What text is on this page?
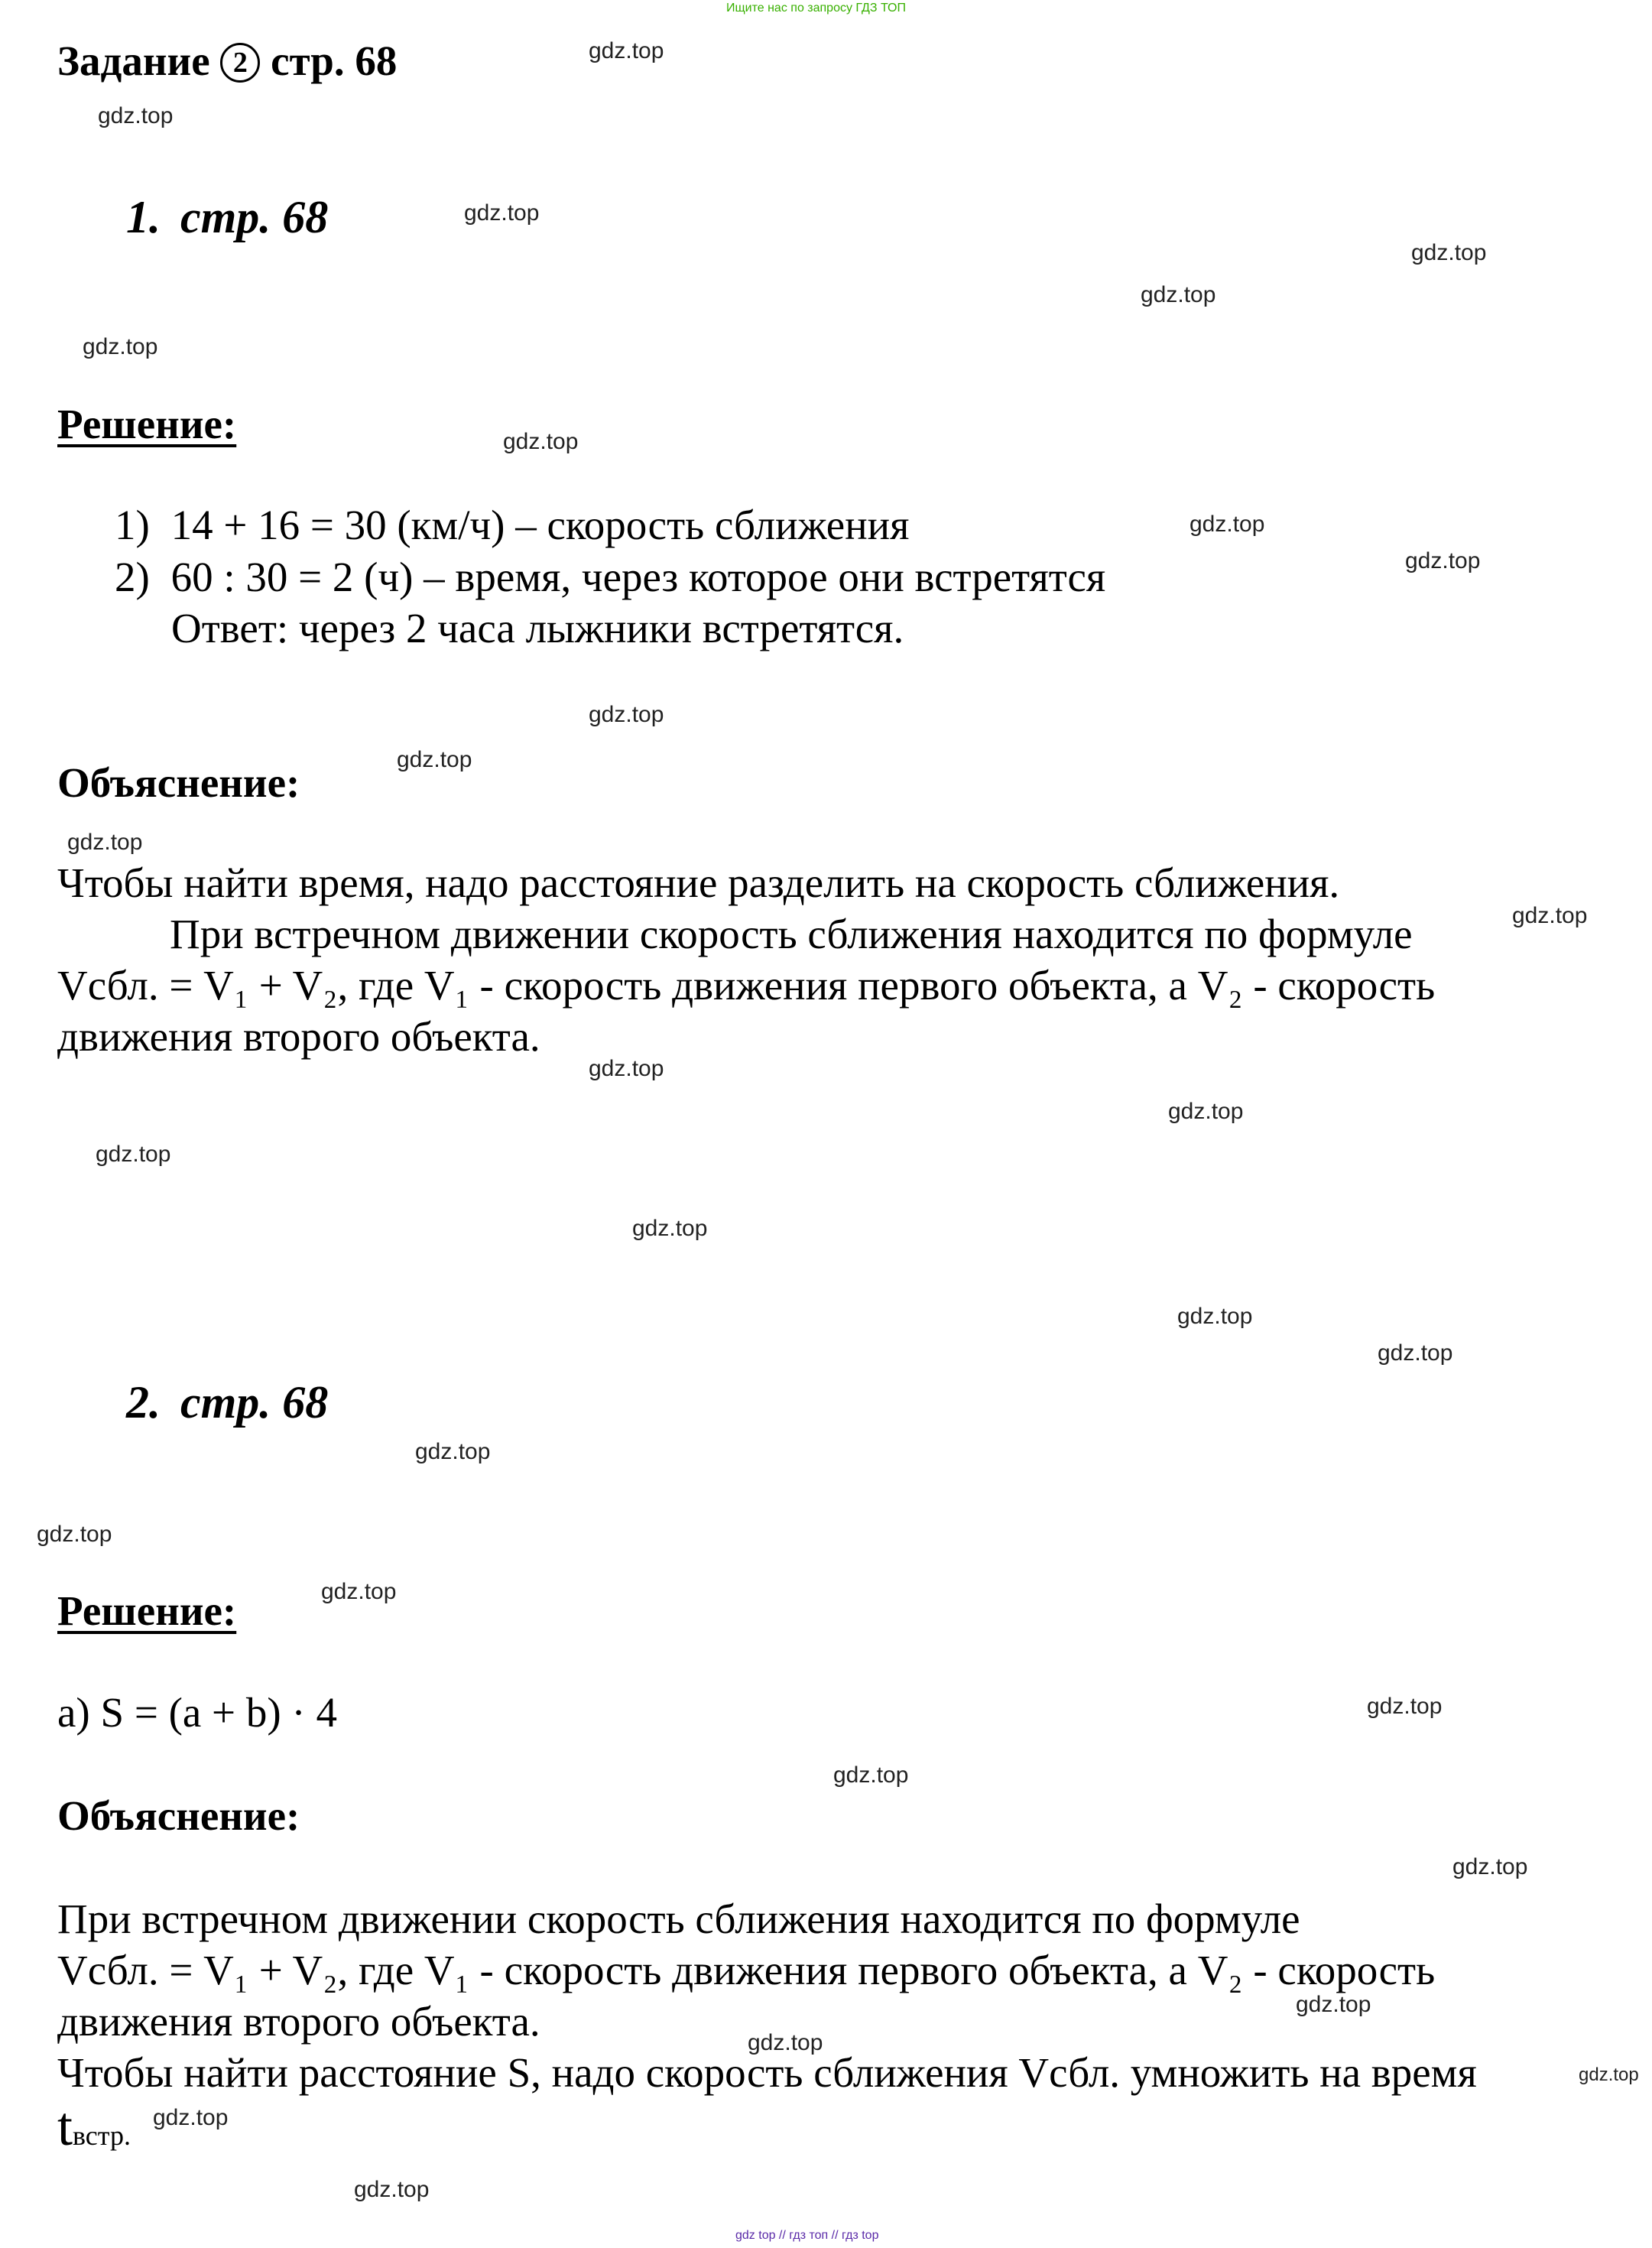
Ищите нас по запросу ГДЗ ТОП
Задание 2 стр. 68
1. стр. 68
Решение:
1) 14 + 16 = 30 (км/ч) – скорость сближения
2) 60 : 30 = 2 (ч) – время, через которое они встретятся
Ответ: через 2 часа лыжники встретятся.
Объяснение:
Чтобы найти время, надо расстояние разделить на скорость сближения.
При встречном движении скорость сближения находится по формуле
Vсбл. = V₁ + V₂, где V₁ - скорость движения первого объекта, а V₂ - скорость
движения второго объекта.
2. стр. 68
Решение:
а) S = (a + b) · 4
Объяснение:
При встречном движении скорость сближения находится по формуле
Vсбл. = V₁ + V₂, где V₁ - скорость движения первого объекта, а V₂ - скорость
движения второго объекта.
Чтобы найти расстояние S, надо скорость сближения Vсбл. умножить на время
tвстр.
gdz.top
gdz.top
gdz.top
gdz.top
gdz.top
gdz.top
gdz.top
gdz.top
gdz.top
gdz.top
gdz.top
gdz.top
gdz.top
gdz.top
gdz.top
gdz.top
gdz.top
gdz.top
gdz.top
gdz.top
gdz.top
gdz.top
gdz.top
gdz.top
gdz.top
gdz.top
gdz.top
gdz.top
gdz.top
gdz.top
gdz top // гдз топ // гдз top
